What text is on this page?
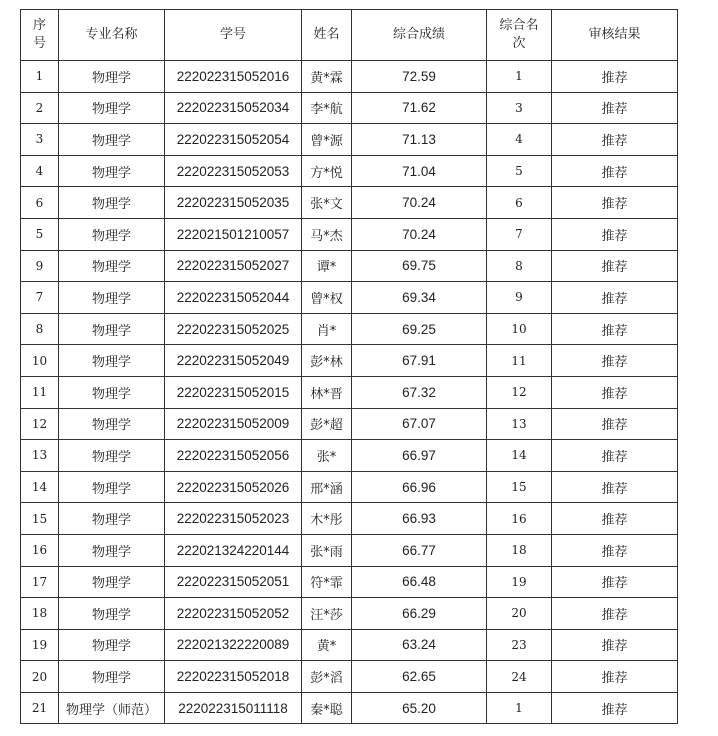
序号	专业名称	学号	姓名	综合成绩	综合名次	审核结果
1	物理学	222022315052016	黄*霖	72.59	1	推荐
2	物理学	222022315052034	李*航	71.62	3	推荐
3	物理学	222022315052054	曾*源	71.13	4	推荐
4	物理学	222022315052053	方*悦	71.04	5	推荐
6	物理学	222022315052035	张*文	70.24	6	推荐
5	物理学	222021501210057	马*杰	70.24	7	推荐
9	物理学	222022315052027	谭*	69.75	8	推荐
7	物理学	222022315052044	曾*权	69.34	9	推荐
8	物理学	222022315052025	肖*	69.25	10	推荐
10	物理学	222022315052049	彭*林	67.91	11	推荐
11	物理学	222022315052015	林*晋	67.32	12	推荐
12	物理学	222022315052009	彭*超	67.07	13	推荐
13	物理学	222022315052056	张*	66.97	14	推荐
14	物理学	222022315052026	邢*涵	66.96	15	推荐
15	物理学	222022315052023	木*彤	66.93	16	推荐
16	物理学	222021324220144	张*雨	66.77	18	推荐
17	物理学	222022315052051	符*霏	66.48	19	推荐
18	物理学	222022315052052	汪*莎	66.29	20	推荐
19	物理学	222021322220089	黄*	63.24	23	推荐
20	物理学	222022315052018	彭*滔	62.65	24	推荐
21	物理学（师范）	222022315011118	秦*聪	65.20	1	推荐
